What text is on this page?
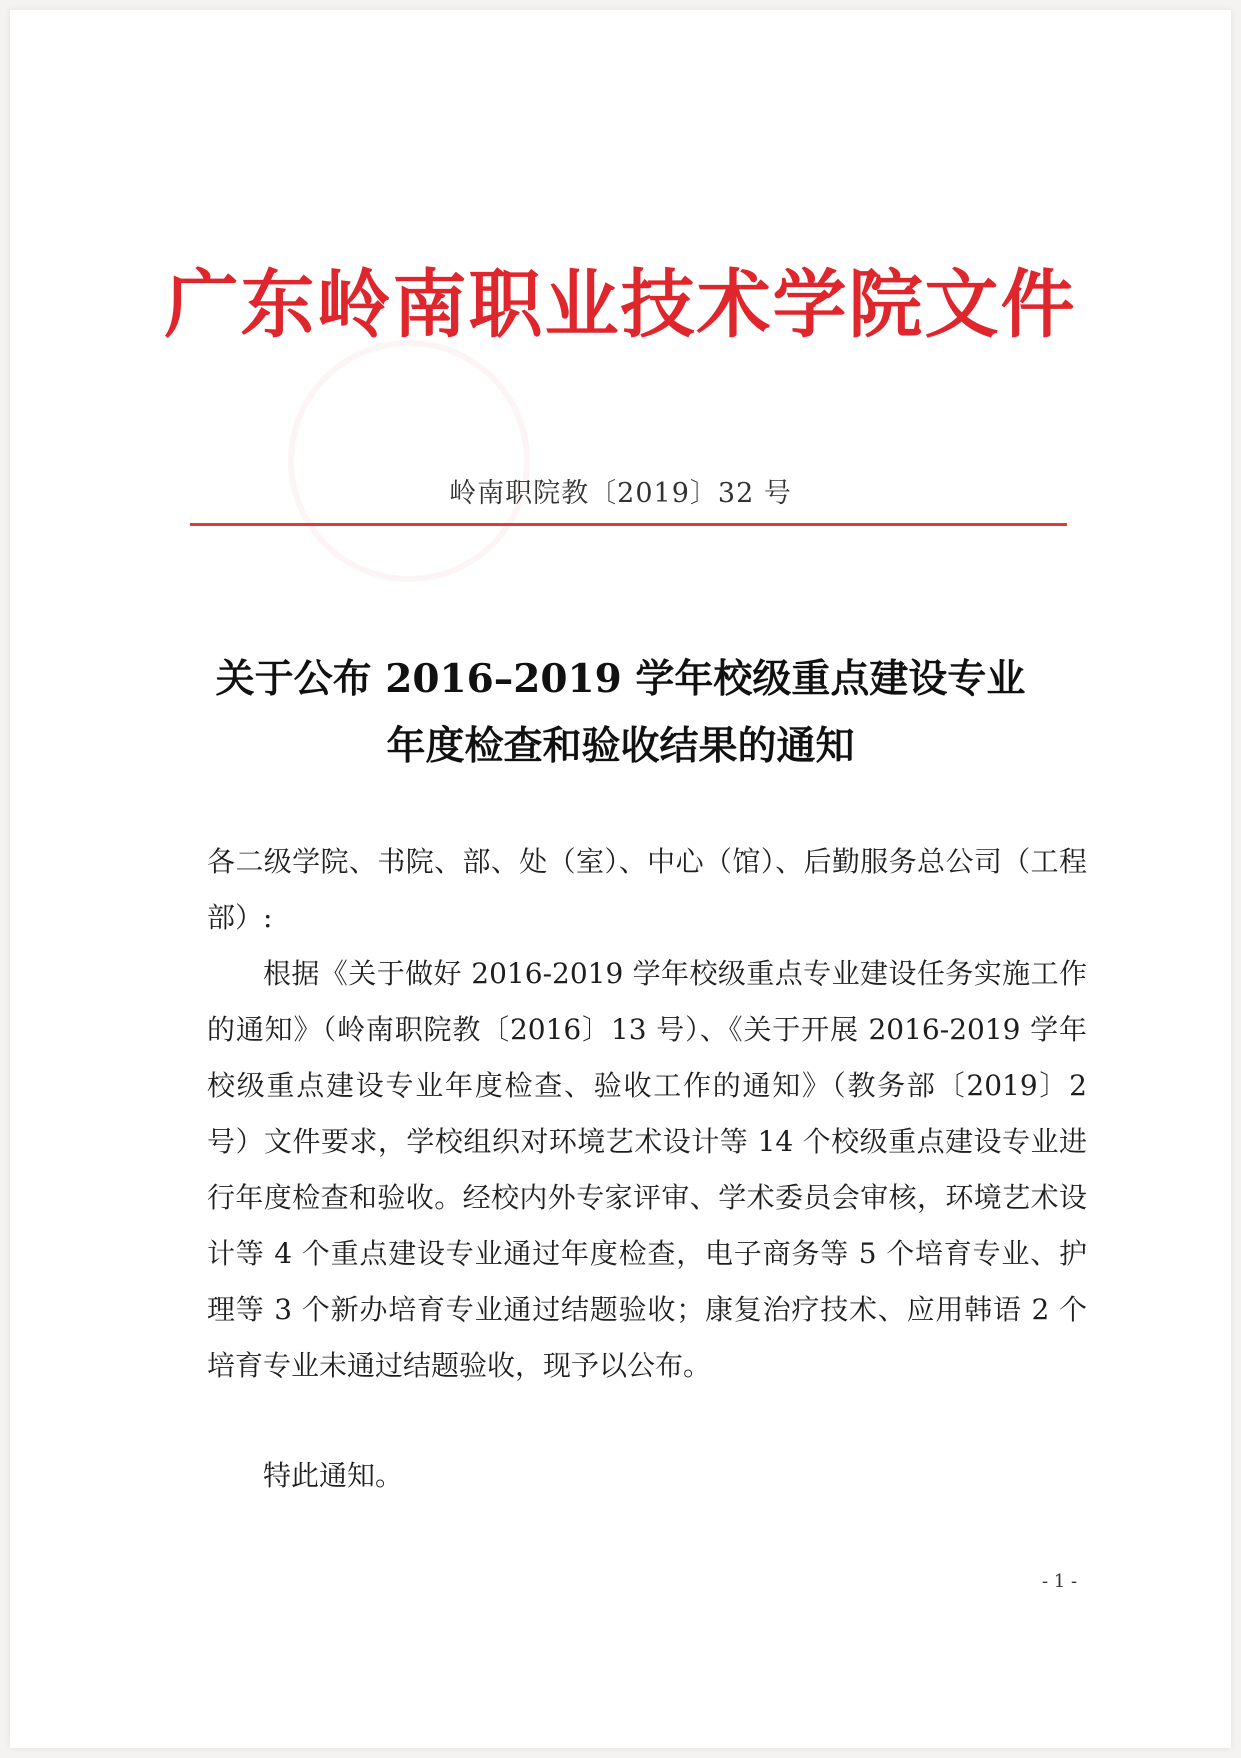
广东岭南职业技术学院文件
岭南职院教〔2019〕32 号
关于公布 2016–2019 学年校级重点建设专业
年度检查和验收结果的通知
各二级学院、书院、部、处（室）、中心（馆）、后勤服务总公司（工程部）:
根据《关于做好 2016-2019 学年校级重点专业建设任务实施工作的通知》（岭南职院教〔2016〕13 号）、《关于开展 2016-2019 学年校级重点建设专业年度检查、验收工作的通知》（教务部〔2019〕2 号）文件要求，学校组织对环境艺术设计等 14 个校级重点建设专业进行年度检查和验收。经校内外专家评审、学术委员会审核，环境艺术设计等 4 个重点建设专业通过年度检查，电子商务等 5 个培育专业、护理等 3 个新办培育专业通过结题验收；康复治疗技术、应用韩语 2 个培育专业未通过结题验收，现予以公布。
特此通知。
- 1 -
